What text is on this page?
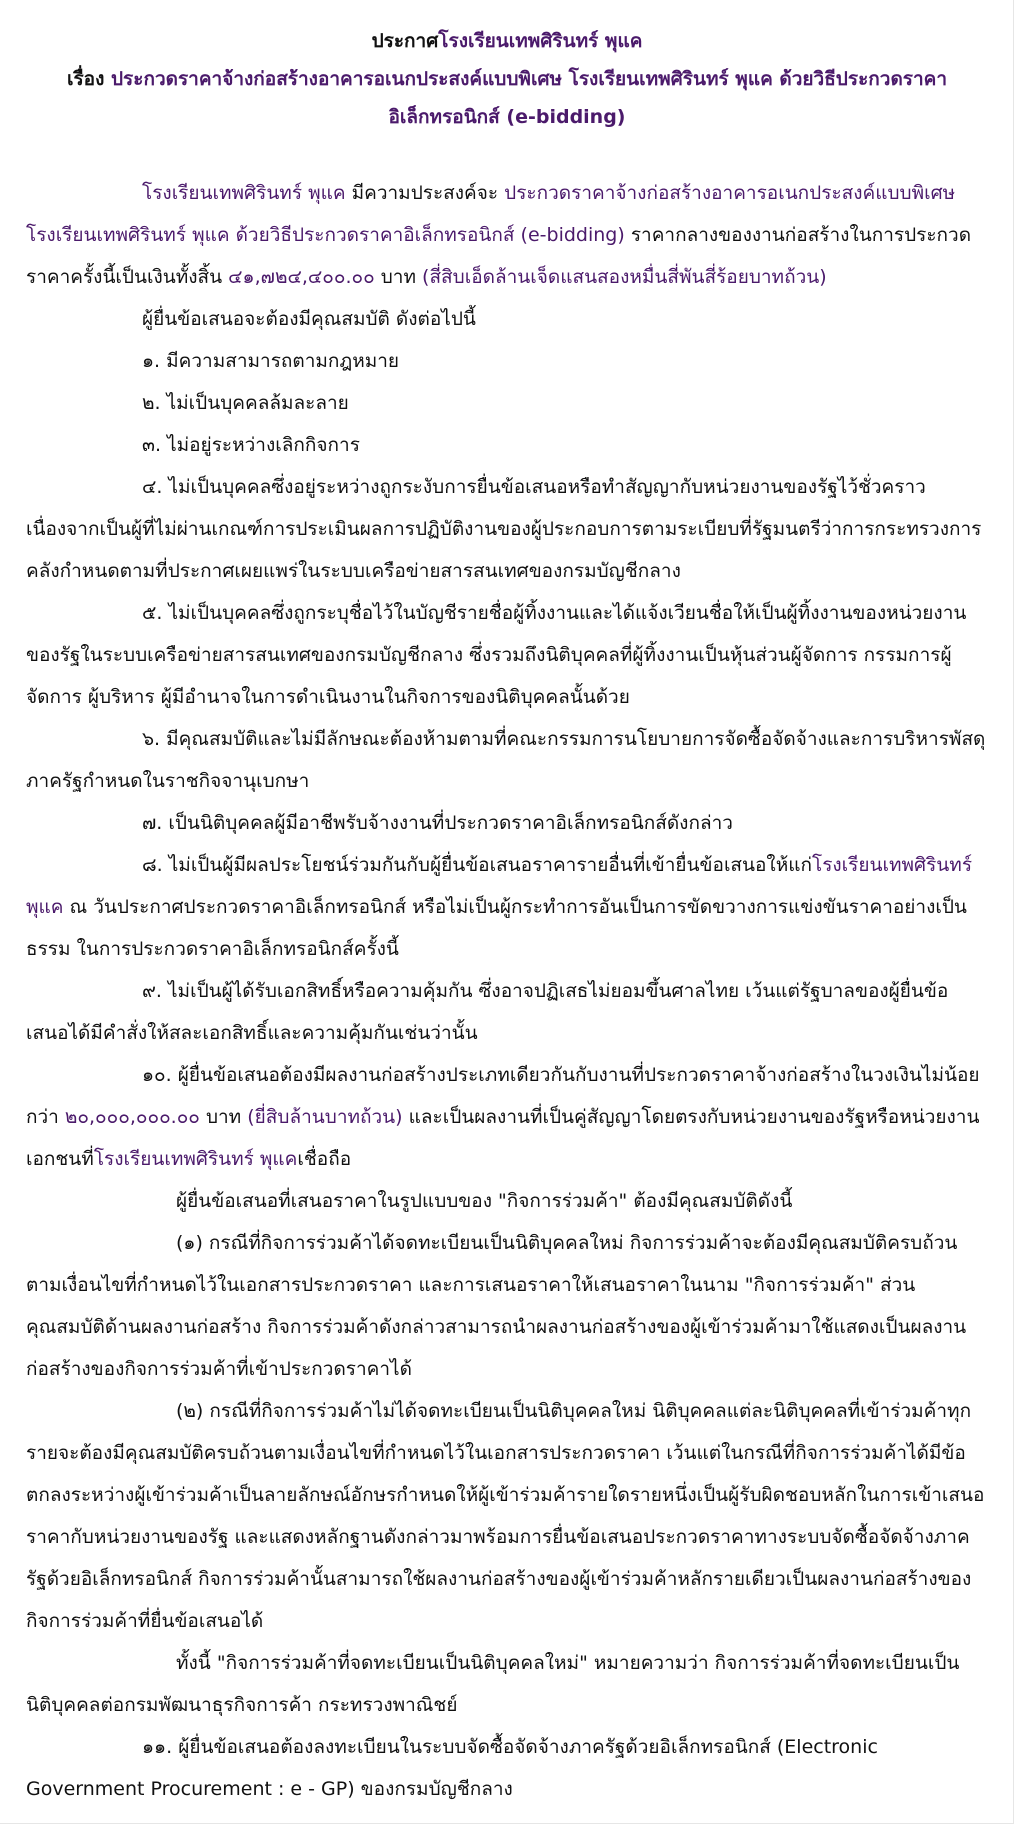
ประกาศโรงเรียนเทพศิรินทร์ พุแค
เรื่อง ประกวดราคาจ้างก่อสร้างอาคารอเนกประสงค์แบบพิเศษ โรงเรียนเทพศิรินทร์ พุแค ด้วยวิธีประกวดราคาอิเล็กทรอนิกส์ (e-bidding)

โรงเรียนเทพศิรินทร์ พุแค มีความประสงค์จะ ประกวดราคาจ้างก่อสร้างอาคารอเนกประสงค์แบบพิเศษ โรงเรียนเทพศิรินทร์ พุแค ด้วยวิธีประกวดราคาอิเล็กทรอนิกส์ (e-bidding) ราคากลางของงานก่อสร้างในการประกวดราคาครั้งนี้เป็นเงินทั้งสิ้น ๔๑,๗๒๔,๔๐๐.๐๐ บาท (สี่สิบเอ็ดล้านเจ็ดแสนสองหมื่นสี่พันสี่ร้อยบาทถ้วน)

ผู้ยื่นข้อเสนอจะต้องมีคุณสมบัติ ดังต่อไปนี้

๑. มีความสามารถตามกฎหมาย

๒. ไม่เป็นบุคคลล้มละลาย

๓. ไม่อยู่ระหว่างเลิกกิจการ

๔. ไม่เป็นบุคคลซึ่งอยู่ระหว่างถูกระงับการยื่นข้อเสนอหรือทำสัญญากับหน่วยงานของรัฐไว้ชั่วคราว เนื่องจากเป็นผู้ที่ไม่ผ่านเกณฑ์การประเมินผลการปฏิบัติงานของผู้ประกอบการตามระเบียบที่รัฐมนตรีว่าการกระทรวงการคลังกำหนดตามที่ประกาศเผยแพร่ในระบบเครือข่ายสารสนเทศของกรมบัญชีกลาง

๕. ไม่เป็นบุคคลซึ่งถูกระบุชื่อไว้ในบัญชีรายชื่อผู้ทิ้งงานและได้แจ้งเวียนชื่อให้เป็นผู้ทิ้งงานของหน่วยงานของรัฐในระบบเครือข่ายสารสนเทศของกรมบัญชีกลาง ซึ่งรวมถึงนิติบุคคลที่ผู้ทิ้งงานเป็นหุ้นส่วนผู้จัดการ กรรมการผู้จัดการ ผู้บริหาร ผู้มีอำนาจในการดำเนินงานในกิจการของนิติบุคคลนั้นด้วย

๖. มีคุณสมบัติและไม่มีลักษณะต้องห้ามตามที่คณะกรรมการนโยบายการจัดซื้อจัดจ้างและการบริหารพัสดุภาครัฐกำหนดในราชกิจจานุเบกษา

๗. เป็นนิติบุคคลผู้มีอาชีพรับจ้างงานที่ประกวดราคาอิเล็กทรอนิกส์ดังกล่าว

๘. ไม่เป็นผู้มีผลประโยชน์ร่วมกันกับผู้ยื่นข้อเสนอราคารายอื่นที่เข้ายื่นข้อเสนอให้แก่โรงเรียนเทพศิรินทร์ พุแค ณ วันประกาศประกวดราคาอิเล็กทรอนิกส์ หรือไม่เป็นผู้กระทำการอันเป็นการขัดขวางการแข่งขันราคาอย่างเป็นธรรม ในการประกวดราคาอิเล็กทรอนิกส์ครั้งนี้

๙. ไม่เป็นผู้ได้รับเอกสิทธิ์หรือความคุ้มกัน ซึ่งอาจปฏิเสธไม่ยอมขึ้นศาลไทย เว้นแต่รัฐบาลของผู้ยื่นข้อเสนอได้มีคำสั่งให้สละเอกสิทธิ์และความคุ้มกันเช่นว่านั้น

๑๐. ผู้ยื่นข้อเสนอต้องมีผลงานก่อสร้างประเภทเดียวกันกับงานที่ประกวดราคาจ้างก่อสร้างในวงเงินไม่น้อยกว่า ๒๐,๐๐๐,๐๐๐.๐๐ บาท (ยี่สิบล้านบาทถ้วน) และเป็นผลงานที่เป็นคู่สัญญาโดยตรงกับหน่วยงานของรัฐหรือหน่วยงานเอกชนที่โรงเรียนเทพศิรินทร์ พุแคเชื่อถือ

ผู้ยื่นข้อเสนอที่เสนอราคาในรูปแบบของ "กิจการร่วมค้า" ต้องมีคุณสมบัติดังนี้

(๑) กรณีที่กิจการร่วมค้าได้จดทะเบียนเป็นนิติบุคคลใหม่ กิจการร่วมค้าจะต้องมีคุณสมบัติครบถ้วนตามเงื่อนไขที่กำหนดไว้ในเอกสารประกวดราคา และการเสนอราคาให้เสนอราคาในนาม "กิจการร่วมค้า" ส่วนคุณสมบัติด้านผลงานก่อสร้าง กิจการร่วมค้าดังกล่าวสามารถนำผลงานก่อสร้างของผู้เข้าร่วมค้ามาใช้แสดงเป็นผลงานก่อสร้างของกิจการร่วมค้าที่เข้าประกวดราคาได้

(๒) กรณีที่กิจการร่วมค้าไม่ได้จดทะเบียนเป็นนิติบุคคลใหม่ นิติบุคคลแต่ละนิติบุคคลที่เข้าร่วมค้าทุกรายจะต้องมีคุณสมบัติครบถ้วนตามเงื่อนไขที่กำหนดไว้ในเอกสารประกวดราคา เว้นแต่ในกรณีที่กิจการร่วมค้าได้มีข้อตกลงระหว่างผู้เข้าร่วมค้าเป็นลายลักษณ์อักษรกำหนดให้ผู้เข้าร่วมค้ารายใดรายหนึ่งเป็นผู้รับผิดชอบหลักในการเข้าเสนอราคากับหน่วยงานของรัฐ และแสดงหลักฐานดังกล่าวมาพร้อมการยื่นข้อเสนอประกวดราคาทางระบบจัดซื้อจัดจ้างภาครัฐด้วยอิเล็กทรอนิกส์ กิจการร่วมค้านั้นสามารถใช้ผลงานก่อสร้างของผู้เข้าร่วมค้าหลักรายเดียวเป็นผลงานก่อสร้างของกิจการร่วมค้าที่ยื่นข้อเสนอได้

ทั้งนี้ "กิจการร่วมค้าที่จดทะเบียนเป็นนิติบุคคลใหม่" หมายความว่า กิจการร่วมค้าที่จดทะเบียนเป็นนิติบุคคลต่อกรมพัฒนาธุรกิจการค้า กระทรวงพาณิชย์

๑๑. ผู้ยื่นข้อเสนอต้องลงทะเบียนในระบบจัดซื้อจัดจ้างภาครัฐด้วยอิเล็กทรอนิกส์ (Electronic Government Procurement : e - GP) ของกรมบัญชีกลาง
